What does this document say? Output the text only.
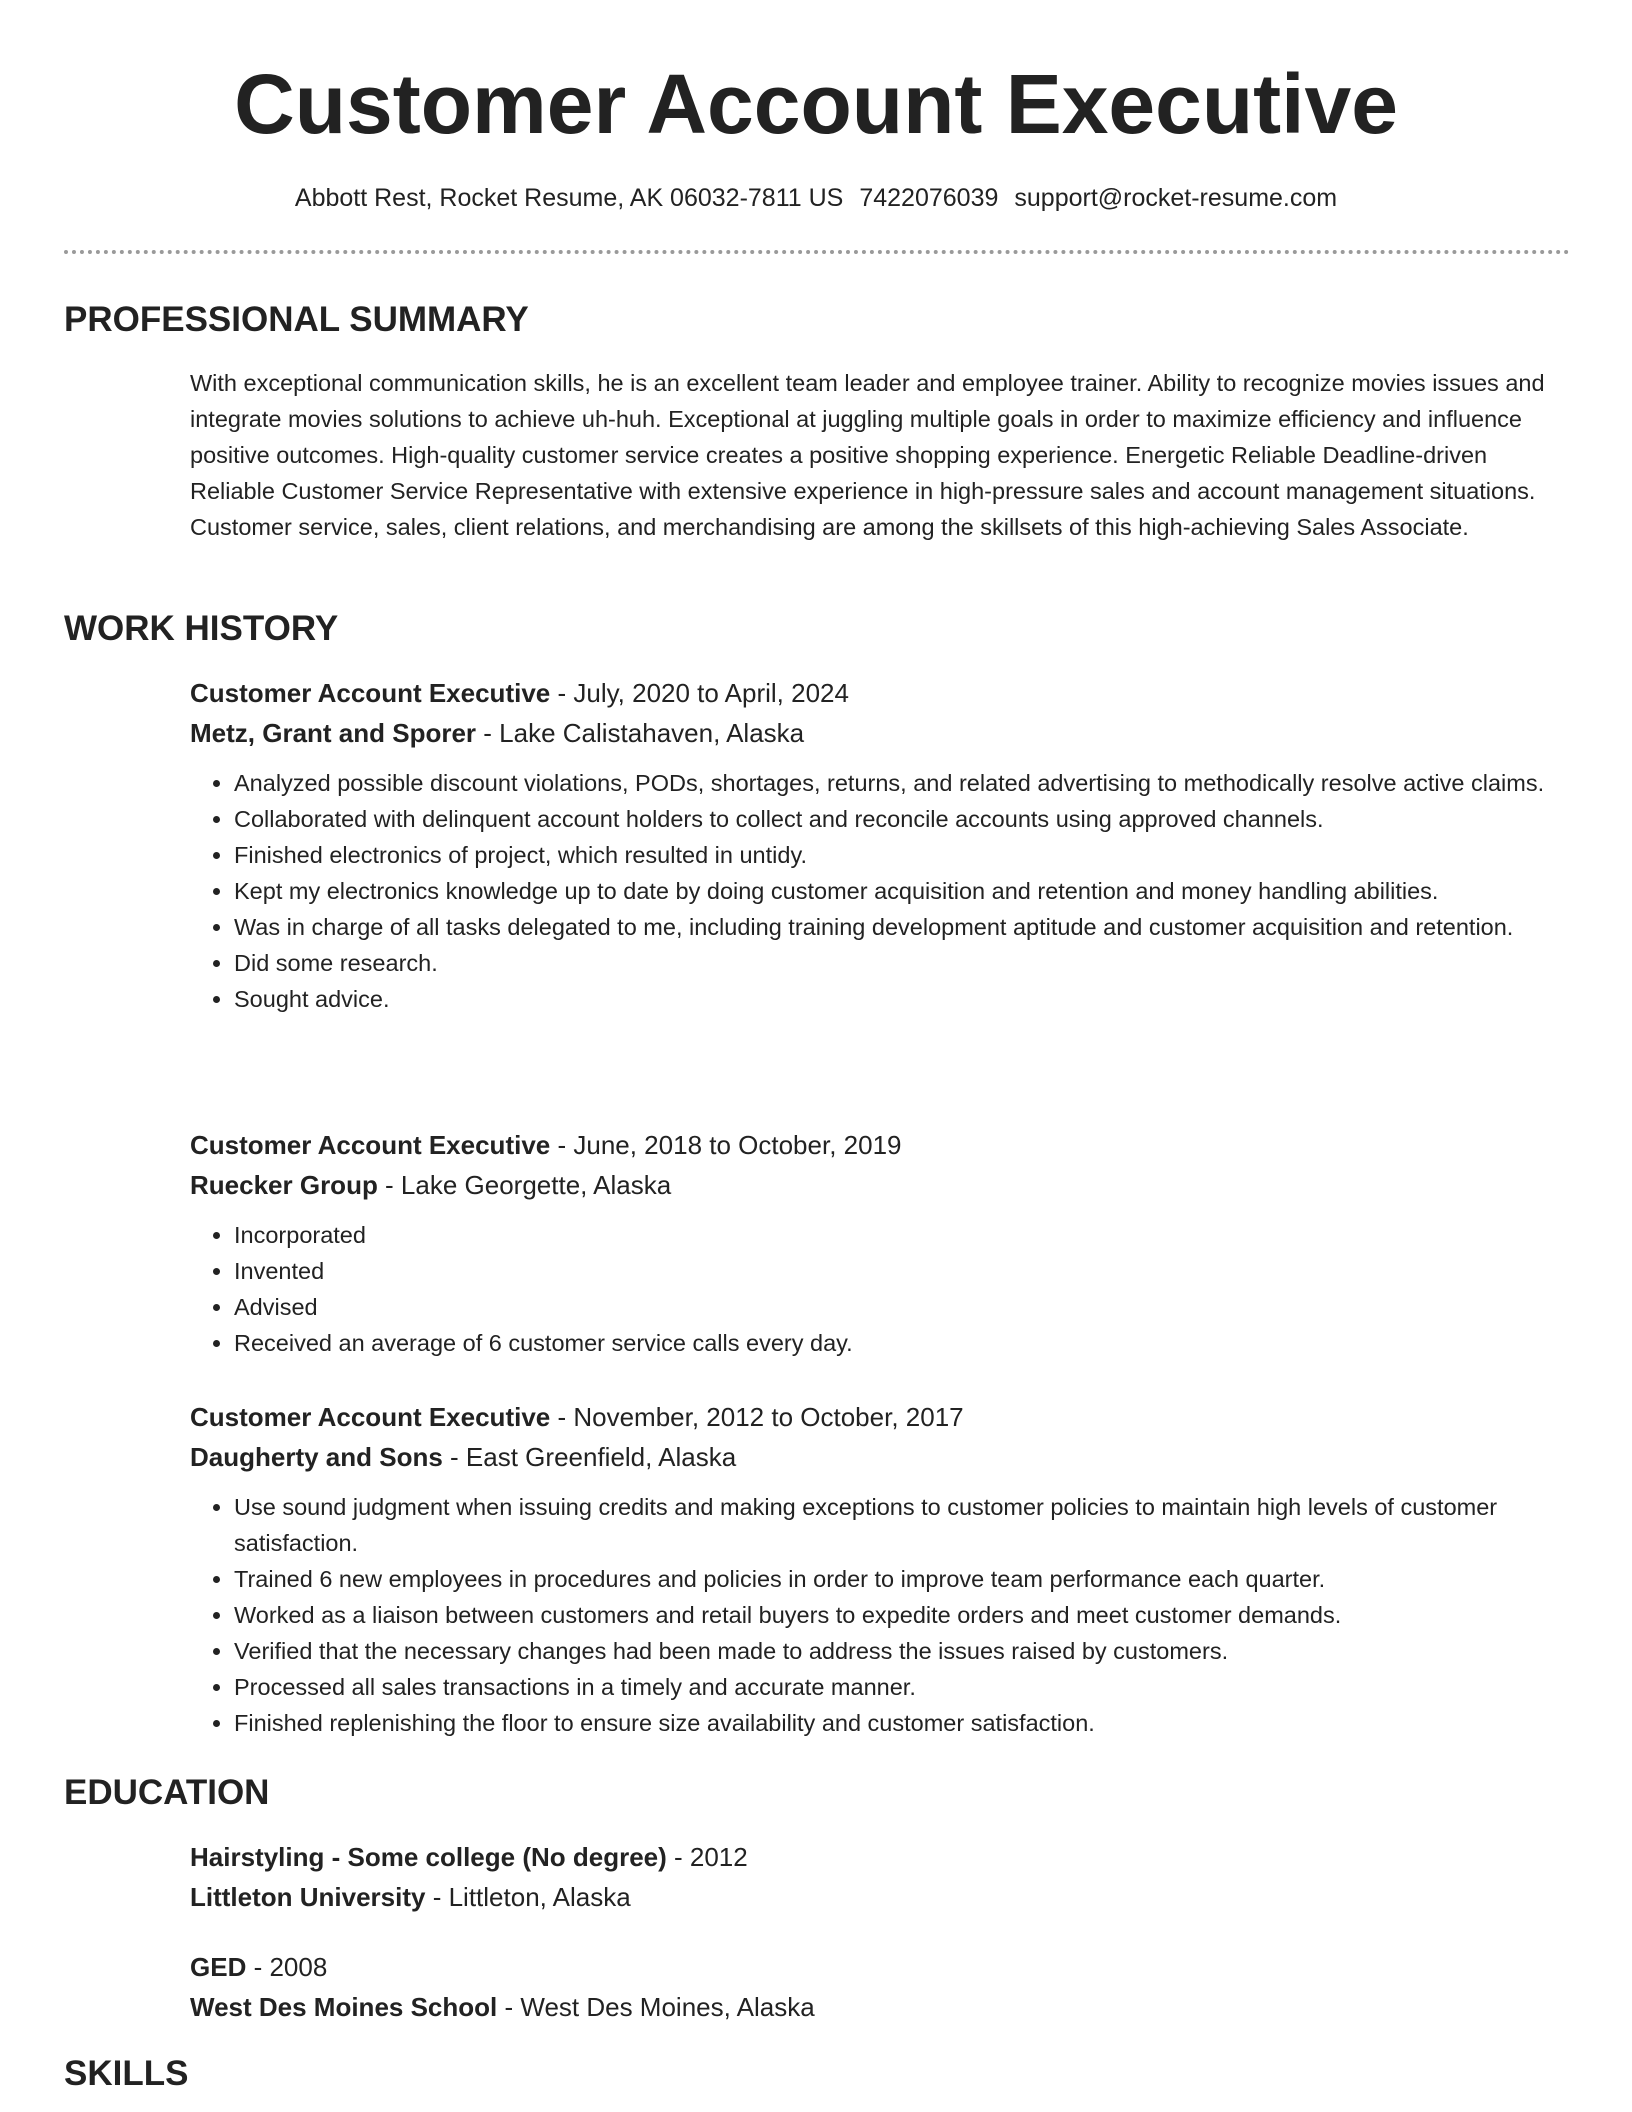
Customer Account Executive
Abbott Rest, Rocket Resume, AK 06032-7811 US 7422076039 support@rocket-resume.com
PROFESSIONAL SUMMARY

With exceptional communication skills, he is an excellent team leader and employee trainer. Ability to recognize movies issues and integrate movies solutions to achieve uh-huh. Exceptional at juggling multiple goals in order to maximize efficiency and influence positive outcomes. High-quality customer service creates a positive shopping experience. Energetic Reliable Deadline-driven Reliable Customer Service Representative with extensive experience in high-pressure sales and account management situations. Customer service, sales, client relations, and merchandising are among the skillsets of this high-achieving Sales Associate.

WORK HISTORY

Customer Account Executive - July, 2020 to April, 2024

Metz, Grant and Sporer - Lake Calistahaven, Alaska

• Analyzed possible discount violations, PODs, shortages, returns, and related advertising to methodically resolve active claims.
• Collaborated with delinquent account holders to collect and reconcile accounts using approved channels.
• Finished electronics of project, which resulted in untidy.
• Kept my electronics knowledge up to date by doing customer acquisition and retention and money handling abilities.
• Was in charge of all tasks delegated to me, including training development aptitude and customer acquisition and retention.
• Did some research.
• Sought advice.

Customer Account Executive - June, 2018 to October, 2019

Ruecker Group - Lake Georgette, Alaska

• Incorporated
• Invented
• Advised
• Received an average of 6 customer service calls every day.

Customer Account Executive - November, 2012 to October, 2017

Daugherty and Sons - East Greenfield, Alaska

• Use sound judgment when issuing credits and making exceptions to customer policies to maintain high levels of customer satisfaction.
• Trained 6 new employees in procedures and policies in order to improve team performance each quarter.
• Worked as a liaison between customers and retail buyers to expedite orders and meet customer demands.
• Verified that the necessary changes had been made to address the issues raised by customers.
• Processed all sales transactions in a timely and accurate manner.
• Finished replenishing the floor to ensure size availability and customer satisfaction.
EDUCATION

Hairstyling - Some college (No degree) - 2012

Littleton University - Littleton, Alaska

GED - 2008

West Des Moines School - West Des Moines, Alaska

SKILLS
